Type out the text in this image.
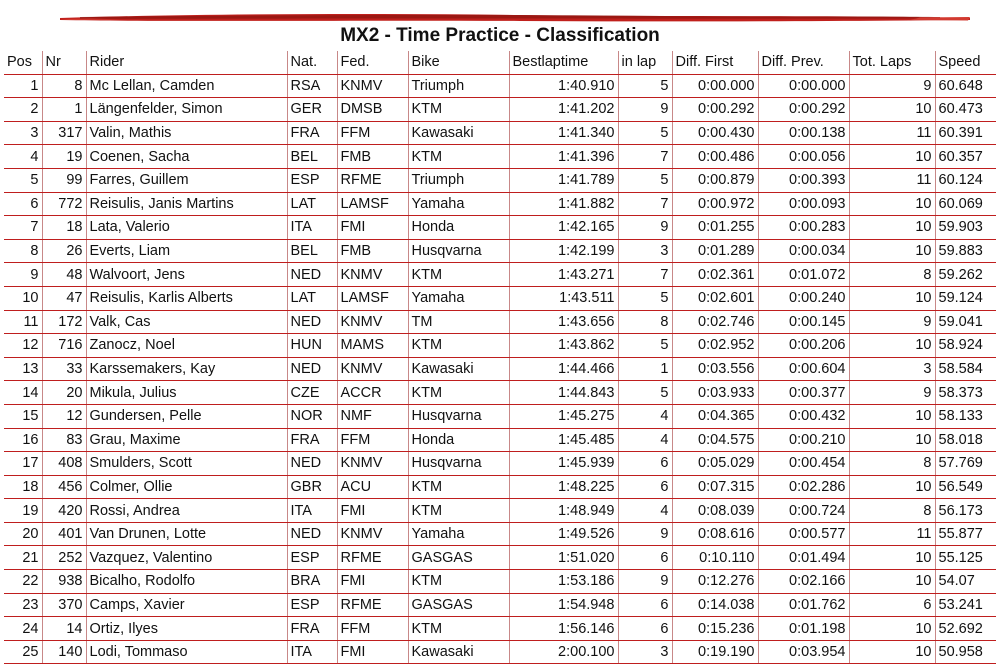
MX2 - Time Practice - Classification
Pos	Nr	Rider	Nat.	Fed.	Bike	Bestlaptime	in lap	Diff. First	Diff. Prev.	Tot. Laps	Speed
1	8	Mc Lellan, Camden	RSA	KNMV	Triumph	1:40.910	5	0:00.000	0:00.000	9	60.648
2	1	Längenfelder, Simon	GER	DMSB	KTM	1:41.202	9	0:00.292	0:00.292	10	60.473
3	317	Valin, Mathis	FRA	FFM	Kawasaki	1:41.340	5	0:00.430	0:00.138	11	60.391
4	19	Coenen, Sacha	BEL	FMB	KTM	1:41.396	7	0:00.486	0:00.056	10	60.357
5	99	Farres, Guillem	ESP	RFME	Triumph	1:41.789	5	0:00.879	0:00.393	11	60.124
6	772	Reisulis, Janis Martins	LAT	LAMSF	Yamaha	1:41.882	7	0:00.972	0:00.093	10	60.069
7	18	Lata, Valerio	ITA	FMI	Honda	1:42.165	9	0:01.255	0:00.283	10	59.903
8	26	Everts, Liam	BEL	FMB	Husqvarna	1:42.199	3	0:01.289	0:00.034	10	59.883
9	48	Walvoort, Jens	NED	KNMV	KTM	1:43.271	7	0:02.361	0:01.072	8	59.262
10	47	Reisulis, Karlis Alberts	LAT	LAMSF	Yamaha	1:43.511	5	0:02.601	0:00.240	10	59.124
11	172	Valk, Cas	NED	KNMV	TM	1:43.656	8	0:02.746	0:00.145	9	59.041
12	716	Zanocz, Noel	HUN	MAMS	KTM	1:43.862	5	0:02.952	0:00.206	10	58.924
13	33	Karssemakers, Kay	NED	KNMV	Kawasaki	1:44.466	1	0:03.556	0:00.604	3	58.584
14	20	Mikula, Julius	CZE	ACCR	KTM	1:44.843	5	0:03.933	0:00.377	9	58.373
15	12	Gundersen, Pelle	NOR	NMF	Husqvarna	1:45.275	4	0:04.365	0:00.432	10	58.133
16	83	Grau, Maxime	FRA	FFM	Honda	1:45.485	4	0:04.575	0:00.210	10	58.018
17	408	Smulders, Scott	NED	KNMV	Husqvarna	1:45.939	6	0:05.029	0:00.454	8	57.769
18	456	Colmer, Ollie	GBR	ACU	KTM	1:48.225	6	0:07.315	0:02.286	10	56.549
19	420	Rossi, Andrea	ITA	FMI	KTM	1:48.949	4	0:08.039	0:00.724	8	56.173
20	401	Van Drunen, Lotte	NED	KNMV	Yamaha	1:49.526	9	0:08.616	0:00.577	11	55.877
21	252	Vazquez, Valentino	ESP	RFME	GASGAS	1:51.020	6	0:10.110	0:01.494	10	55.125
22	938	Bicalho, Rodolfo	BRA	FMI	KTM	1:53.186	9	0:12.276	0:02.166	10	54.07
23	370	Camps, Xavier	ESP	RFME	GASGAS	1:54.948	6	0:14.038	0:01.762	6	53.241
24	14	Ortiz, Ilyes	FRA	FFM	KTM	1:56.146	6	0:15.236	0:01.198	10	52.692
25	140	Lodi, Tommaso	ITA	FMI	Kawasaki	2:00.100	3	0:19.190	0:03.954	10	50.958
